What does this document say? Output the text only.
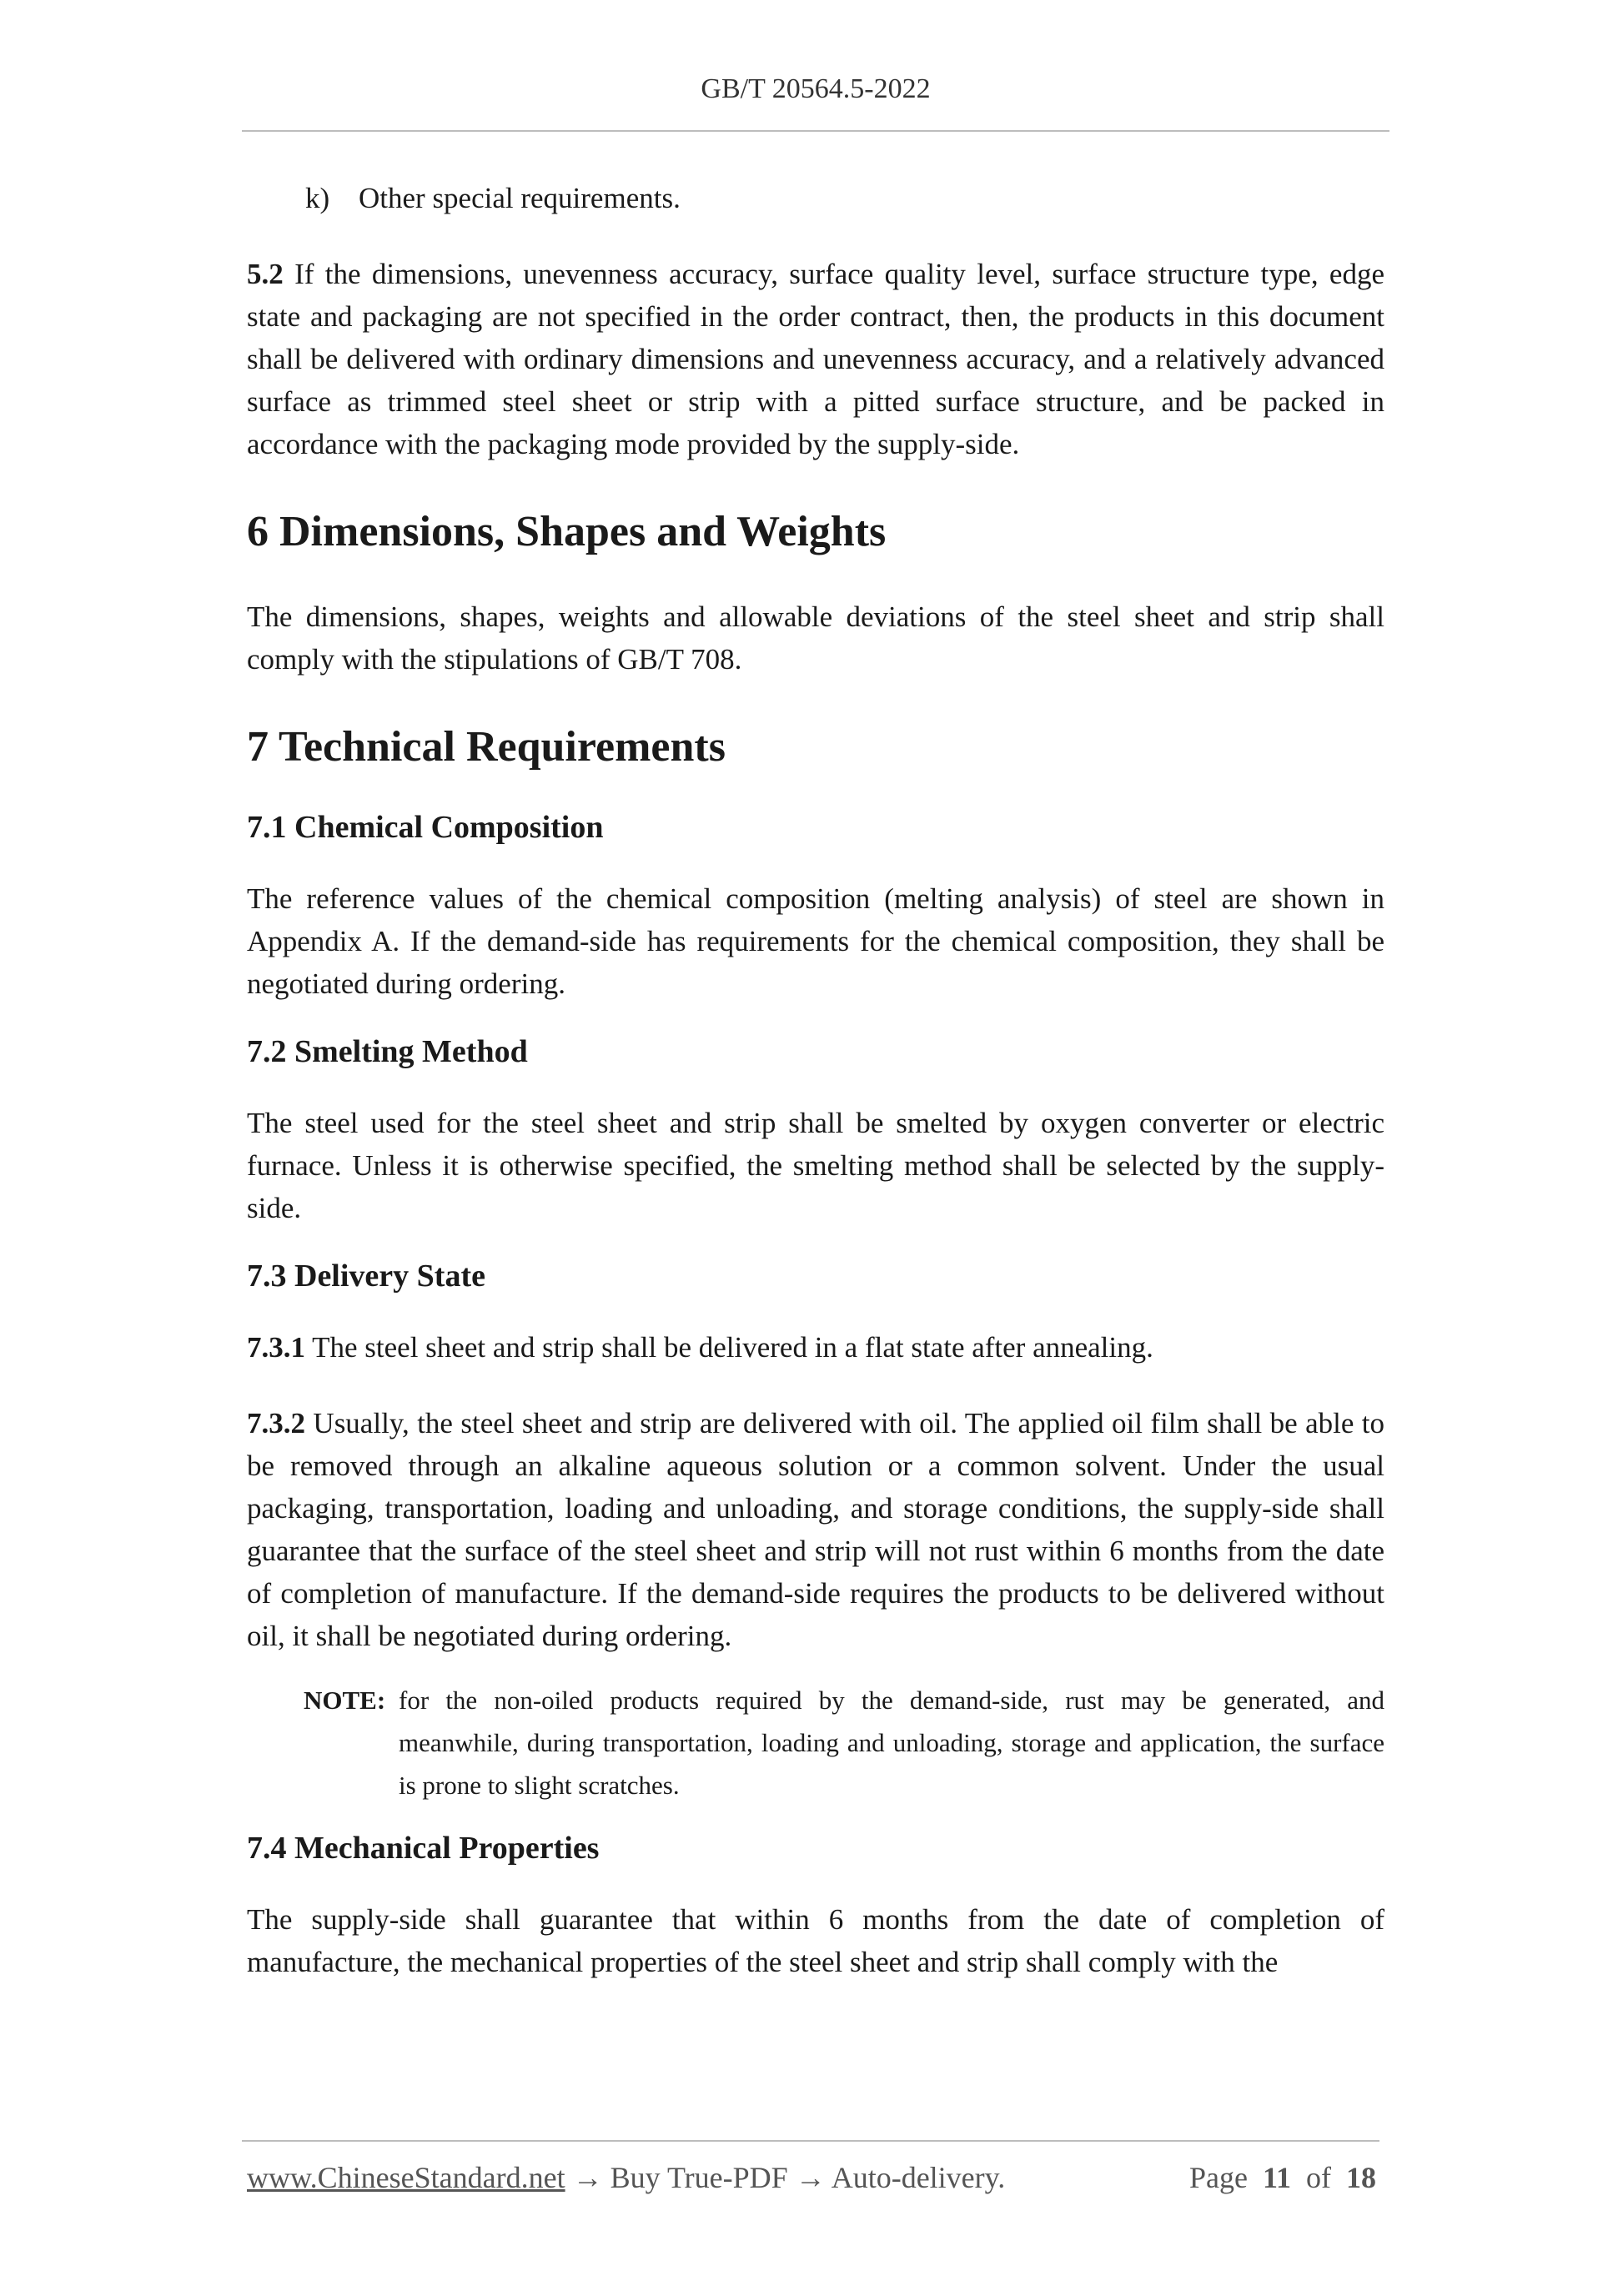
GB/T 20564.5-2022

k) Other special requirements.

5.2 If the dimensions, unevenness accuracy, surface quality level, surface structure type, edge state and packaging are not specified in the order contract, then, the products in this document shall be delivered with ordinary dimensions and unevenness accuracy, and a relatively advanced surface as trimmed steel sheet or strip with a pitted surface structure, and be packed in accordance with the packaging mode provided by the supply-side.

6 Dimensions, Shapes and Weights

The dimensions, shapes, weights and allowable deviations of the steel sheet and strip shall comply with the stipulations of GB/T 708.

7 Technical Requirements
7.1 Chemical Composition

The reference values of the chemical composition (melting analysis) of steel are shown in Appendix A. If the demand-side has requirements for the chemical composition, they shall be negotiated during ordering.

7.2 Smelting Method

The steel used for the steel sheet and strip shall be smelted by oxygen converter or electric furnace. Unless it is otherwise specified, the smelting method shall be selected by the supply-side.

7.3 Delivery State

7.3.1 The steel sheet and strip shall be delivered in a flat state after annealing.

7.3.2 Usually, the steel sheet and strip are delivered with oil. The applied oil film shall be able to be removed through an alkaline aqueous solution or a common solvent. Under the usual packaging, transportation, loading and unloading, and storage conditions, the supply-side shall guarantee that the surface of the steel sheet and strip will not rust within 6 months from the date of completion of manufacture. If the demand-side requires the products to be delivered without oil, it shall be negotiated during ordering.

NOTE: for the non-oiled products required by the demand-side, rust may be generated, and meanwhile, during transportation, loading and unloading, storage and application, the surface is prone to slight scratches.
7.4 Mechanical Properties

The supply-side shall guarantee that within 6 months from the date of completion of manufacture, the mechanical properties of the steel sheet and strip shall comply with the

www.ChineseStandard.net → Buy True-PDF → Auto-delivery.	Page 11 of 18
